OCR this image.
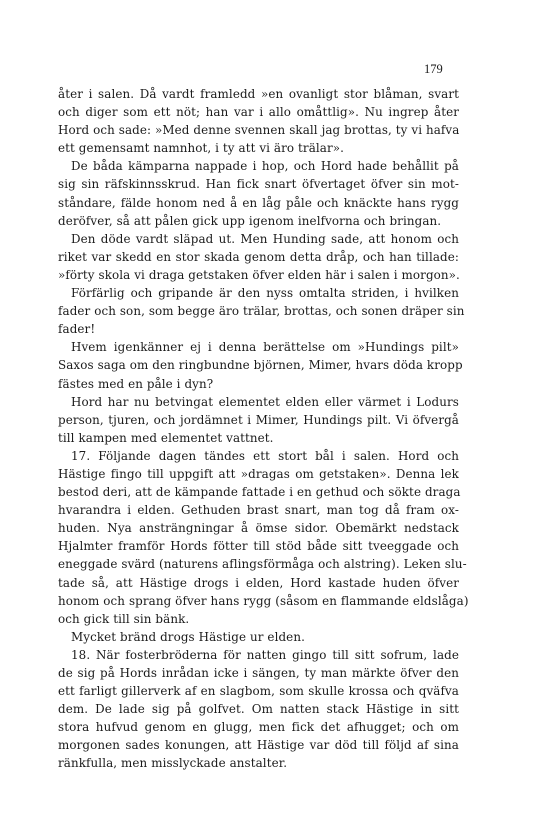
179
åter i salen. Då vardt framledd »en ovanligt stor blåman, svart
och diger som ett nöt; han var i allo omåttlig». Nu ingrep åter
Hord och sade: »Med denne svennen skall jag brottas, ty vi hafva
ett gemensamt namnhot, i ty att vi äro trälar».
De båda kämparna nappade i hop, och Hord hade behållit på
sig sin räfskinnsskrud. Han fick snart öfvertaget öfver sin mot-
ståndare, fälde honom ned å en låg påle och knäckte hans rygg
deröfver, så att pålen gick upp igenom inelfvorna och bringan.
Den döde vardt släpad ut. Men Hunding sade, att honom och
riket var skedd en stor skada genom detta dråp, och han tillade:
»förty skola vi draga getstaken öfver elden här i salen i morgon».
Förfärlig och gripande är den nyss omtalta striden, i hvilken
fader och son, som begge äro trälar, brottas, och sonen dräper sin
fader!
Hvem igenkänner ej i denna berättelse om »Hundings pilt»
Saxos saga om den ringbundne björnen, Mimer, hvars döda kropp
fästes med en påle i dyn?
Hord har nu betvingat elementet elden eller värmet i Lodurs
person, tjuren, och jordämnet i Mimer, Hundings pilt. Vi öfvergå
till kampen med elementet vattnet.
17. Följande dagen tändes ett stort bål i salen. Hord och
Hästige fingo till uppgift att »dragas om getstaken». Denna lek
bestod deri, att de kämpande fattade i en gethud och sökte draga
hvarandra i elden. Gethuden brast snart, man tog då fram ox-
huden. Nya ansträngningar å ömse sidor. Obemärkt nedstack
Hjalmter framför Hords fötter till stöd både sitt tveeggade och
eneggade svärd (naturens aflingsförmåga och alstring). Leken slu-
tade så, att Hästige drogs i elden, Hord kastade huden öfver
honom och sprang öfver hans rygg (såsom en flammande eldslåga)
och gick till sin bänk.
Mycket bränd drogs Hästige ur elden.
18. När fosterbröderna för natten gingo till sitt sofrum, lade
de sig på Hords inrådan icke i sängen, ty man märkte öfver den
ett farligt gillerverk af en slagbom, som skulle krossa och qväfva
dem. De lade sig på golfvet. Om natten stack Hästige in sitt
stora hufvud genom en glugg, men fick det afhugget; och om
morgonen sades konungen, att Hästige var död till följd af sina
ränkfulla, men misslyckade anstalter.
